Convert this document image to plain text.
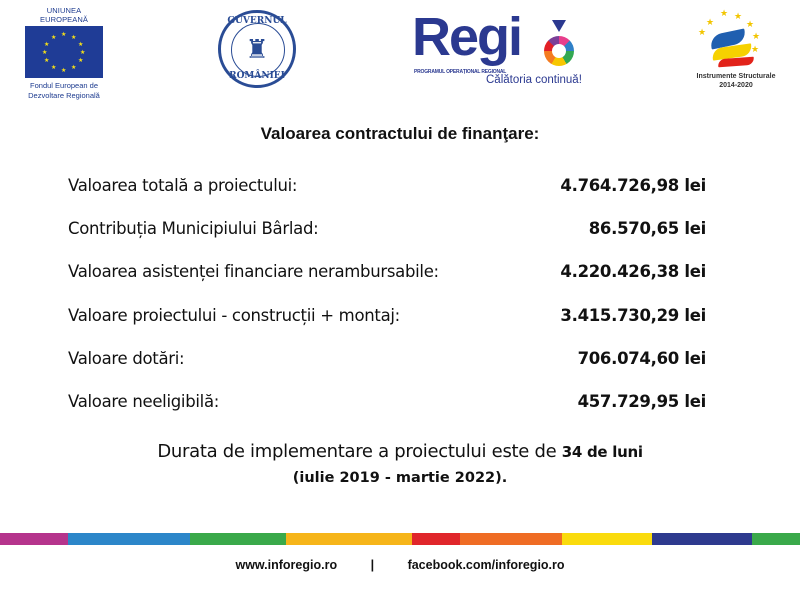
UNIUNEA EUROPEANĂ
★ ★
★
★
★
★
★
★
★
★
★
★
Fondul European de
Dezvoltare Regională
GUVERNUL
♜
ROMÂNIEI
Regi
PROGRAMUL OPERAȚIONAL REGIONAL
Călătoria continuă!
★
★ ★
★
★
★
★
Instrumente Structurale
2014-2020
Valoarea contractului de finanţare:
Valoarea totală a proiectului:	4.764.726,98 lei
Contribuția Municipiului Bârlad:	86.570,65 lei
Valoarea asistenței financiare nerambursabile:	4.220.426,38 lei
Valoare proiectului - construcții + montaj:	3.415.730,29 lei
Valoare dotări:	706.074,60 lei
Valoare neeligibilă:	457.729,95 lei
Durata de implementare a proiectului este de 34 de luni
(iulie 2019 - martie 2022).
www.inforegio.ro	|	facebook.com/inforegio.ro
